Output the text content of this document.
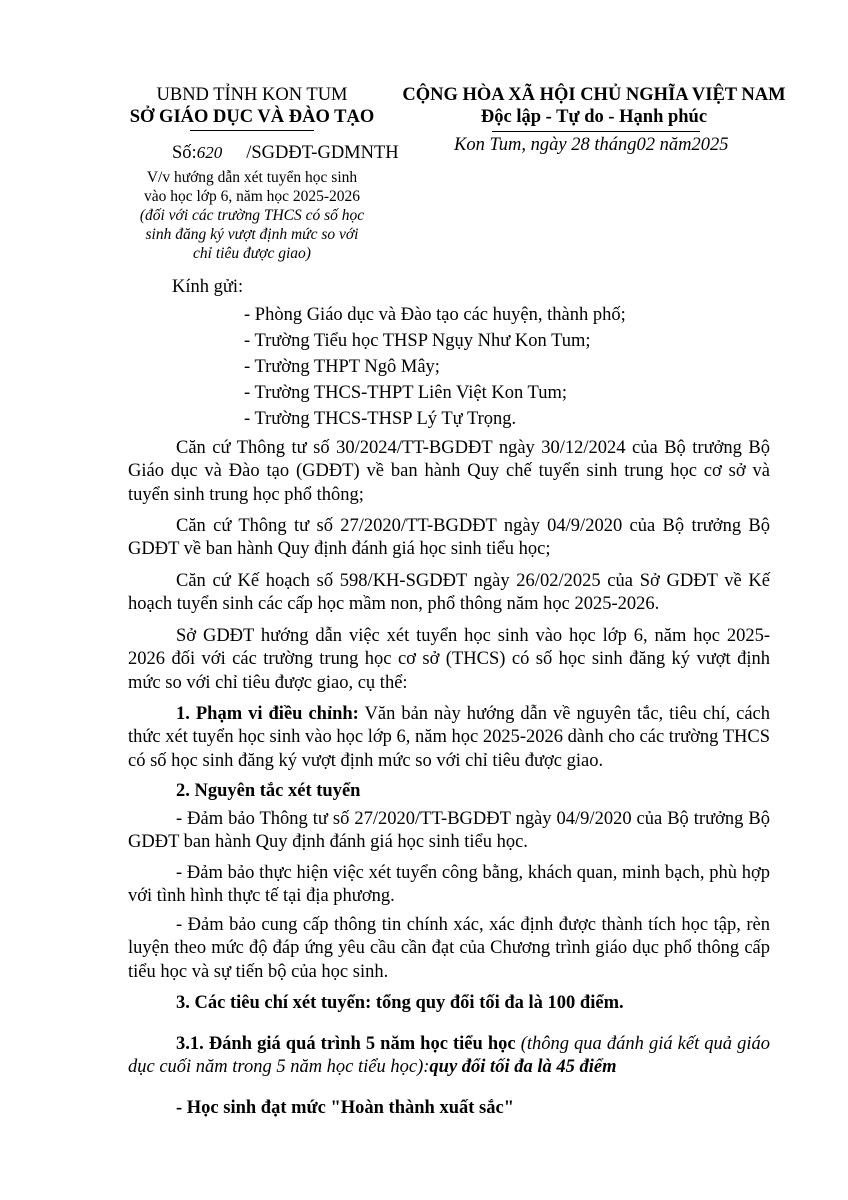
UBND TỈNH KON TUM
SỞ GIÁO DỤC VÀ ĐÀO TẠO
CỘNG HÒA XÃ HỘI CHỦ NGHĨA VIỆT NAM
Độc lập - Tự do - Hạnh phúc
Số:620 /SGDĐT-GDMNTH	Kon Tum, ngày 28 tháng02 năm2025
V/v hướng dẫn xét tuyển học sinh
vào học lớp 6, năm học 2025-2026
(đối với các trường THCS có số học
sinh đăng ký vượt định mức so với
chỉ tiêu được giao)
Kính gửi:
- Phòng Giáo dục và Đào tạo các huyện, thành phố;
- Trường Tiểu học THSP Ngụy Như Kon Tum;
- Trường THPT Ngô Mây;
- Trường THCS-THPT Liên Việt Kon Tum;
- Trường THCS-THSP Lý Tự Trọng.
Căn cứ Thông tư số 30/2024/TT-BGDĐT ngày 30/12/2024 của Bộ trưởng Bộ Giáo dục và Đào tạo (GDĐT) về ban hành Quy chế tuyển sinh trung học cơ sở và tuyển sinh trung học phổ thông;
Căn cứ Thông tư số 27/2020/TT-BGDĐT ngày 04/9/2020 của Bộ trưởng Bộ GDĐT về ban hành Quy định đánh giá học sinh tiểu học;
Căn cứ Kế hoạch số 598/KH-SGDĐT ngày 26/02/2025 của Sở GDĐT về Kế hoạch tuyển sinh các cấp học mầm non, phổ thông năm học 2025-2026.
Sở GDĐT hướng dẫn việc xét tuyển học sinh vào học lớp 6, năm học 2025-2026 đối với các trường trung học cơ sở (THCS) có số học sinh đăng ký vượt định mức so với chỉ tiêu được giao, cụ thể:
1. Phạm vi điều chỉnh: Văn bản này hướng dẫn về nguyên tắc, tiêu chí, cách thức xét tuyển học sinh vào học lớp 6, năm học 2025-2026 dành cho các trường THCS có số học sinh đăng ký vượt định mức so với chỉ tiêu được giao.
2. Nguyên tắc xét tuyển
- Đảm bảo Thông tư số 27/2020/TT-BGDĐT ngày 04/9/2020 của Bộ trưởng Bộ GDĐT ban hành Quy định đánh giá học sinh tiểu học.
- Đảm bảo thực hiện việc xét tuyển công bằng, khách quan, minh bạch, phù hợp với tình hình thực tế tại địa phương.
- Đảm bảo cung cấp thông tin chính xác, xác định được thành tích học tập, rèn luyện theo mức độ đáp ứng yêu cầu cần đạt của Chương trình giáo dục phổ thông cấp tiểu học và sự tiến bộ của học sinh.
3. Các tiêu chí xét tuyển: tổng quy đổi tối đa là 100 điểm.
3.1. Đánh giá quá trình 5 năm học tiểu học (thông qua đánh giá kết quả giáo dục cuối năm trong 5 năm học tiểu học):quy đổi tối đa là 45 điểm
- Học sinh đạt mức "Hoàn thành xuất sắc"
